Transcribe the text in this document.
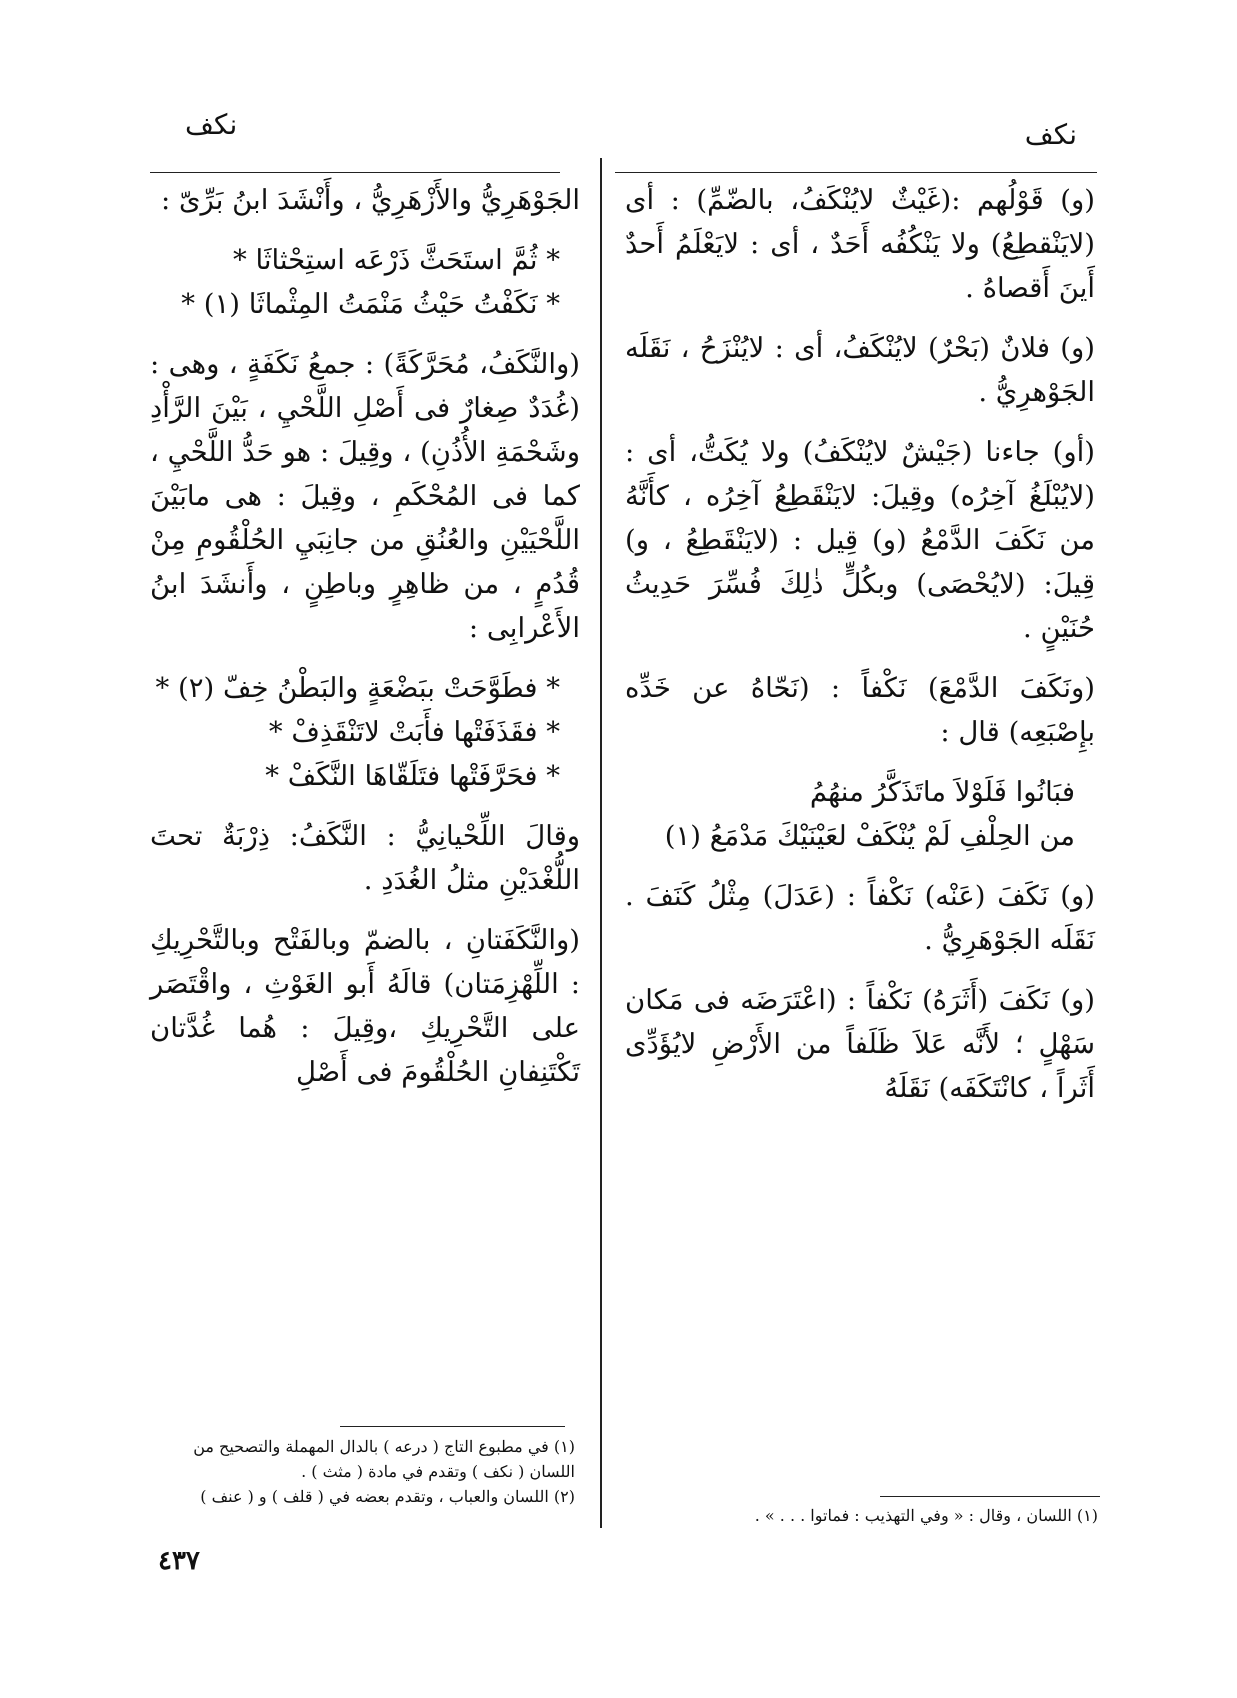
نكف
نكف

(و) قَوْلُهم :(غَيْثٌ لايُنْكَفُ، بالضّمِّ) : أى (لايَنْقطِعُ) ولا يَنْكُفُه أَحَدٌ ، أى : لايَعْلَمُ أَحدٌ أَينَ أَقصاهُ .

(و) فلانٌ (بَحْرٌ) لايُنْكَفُ، أى : لايُنْزَحُ ، نَقَلَه الجَوْهرِيُّ .

(أو) جاءنا (جَيْشٌ لايُنْكَفُ) ولا يُكَتُّ، أى : (لايُبْلَغُ آخِرُه) وقِيلَ: لايَنْقَطِعُ آخِرُه ، كأَنَّهُ من نَكَفَ الدَّمْعُ (و) قِيل : (لايَنْقَطِعُ ، و) قِيلَ: (لايُحْصَى) وبكُلٍّ ذٰلِكَ فُسِّرَ حَدِيثُ حُنَيْنٍ .

(ونَكَفَ الدَّمْعَ) نَكْفاً : (نَحّاهُ عن خَدِّه بإِصْبَعِه) قال :

فبَانُوا فَلَوْلاَ ماتَذَكَّرُ منهُمُ

من الحِلْفِ لَمْ يُنْكَفْ لعَيْنَيْكَ مَدْمَعُ (١)

(و) نَكَفَ (عَنْه) نَكْفاً : (عَدَلَ) مِثْلُ كَنَفَ . نَقَلَه الجَوْهَرِيُّ .

(و) نَكَفَ (أَثَرَهُ) نَكْفاً : (اعْتَرَضَه فى مَكان سَهْلٍ ؛ لأَنَّه عَلاَ ظَلَفاً من الأَرْضِ لايُؤَدِّى أَثَراً ، كانْتَكَفَه) نَقَلَهُ

الجَوْهَرِيُّ والأَزْهَرِيُّ ، وأَنْشَدَ ابنُ بَرِّىّ :

* ثُمَّ استَحَثَّ ذَرْعَه استِحْثاثَا *

* نَكَفْتُ حَيْثُ مَنْمَتُ المِثْماثَا (١) *

(والنَّكَفُ، مُحَرَّكَةً) : جمعُ نَكَفَةٍ ، وهى : (غُدَدٌ صِغارٌ فى أَصْلِ اللَّحْيِ ، بَيْنَ الرَّأْدِ وشَحْمَةِ الأُذُنِ) ، وقِيلَ : هو حَدُّ اللَّحْيِ ، كما فى المُحْكَمِ ، وقِيلَ : هى مابَيْنَ اللَّحْيَيْنِ والعُنُقِ من جانِبَيِ الحُلْقُومِ مِنْ قُدُمٍ ، من ظاهِرٍ وباطِنٍ ، وأَنشَدَ ابنُ الأَعْرابِى :

* فطَوَّحَتْ ببَضْعَةٍ والبَطْنُ خِفّ (٢) *

* فقَذَفَتْها فأَبَتْ لاتَنْقَذِفْ *

* فحَرَّفَتْها فتَلَقّاهَا النَّكَفْ *

وقالَ اللِّحْيانِيُّ : النَّكَفُ: ذِرْبَةٌ تحتَ اللُّغْدَيْنِ مثلُ الغُدَدِ .

(والنَّكَفَتانِ ، بالضمّ وبالفَتْح وبالتَّحْرِيكِ : اللِّهْزِمَتان) قالَهُ أَبو الغَوْثِ ، واقْتَصَر على التَّحْرِيكِ ،وقِيلَ : هُما غُدَّتان تَكْتَنِفانِ الحُلْقُومَ فى أَصْلِ

(١) اللسان ، وقال : « وفي التهذيب : فماتوا . . . » .

(١) في مطبوع التاج ( درعه ) بالدال المهملة والتصحيح من اللسان ( نكف ) وتقدم في مادة ( مثث ) .

(٢) اللسان والعباب ، وتقدم بعضه في ( قلف ) و ( عنف )

٤٣٧
